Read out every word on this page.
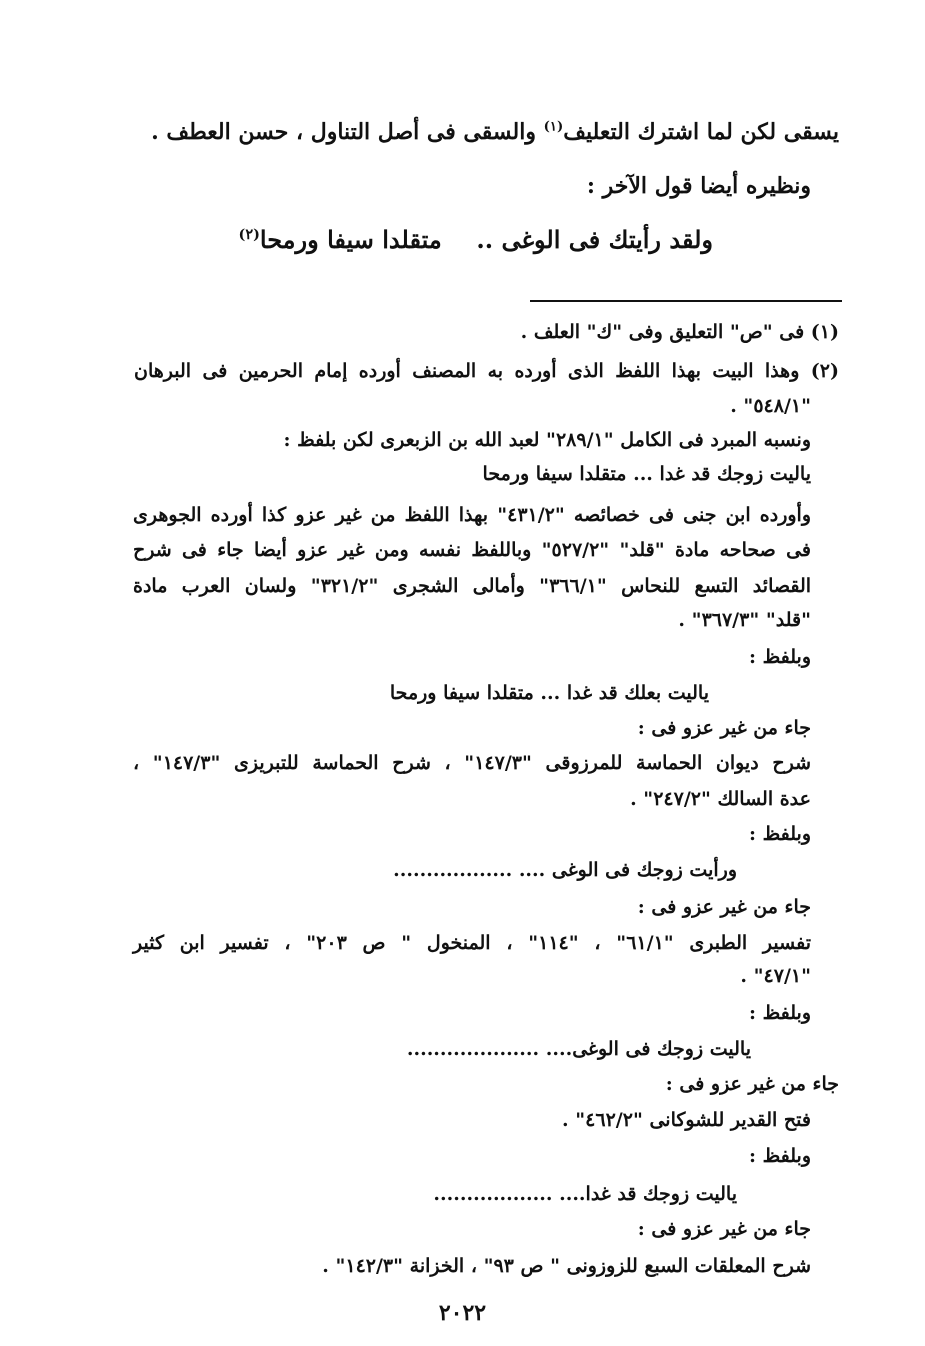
يسقى لكن لما اشترك التعليف$^{(١)}$ والسقى فى أصل التناول ، حسن العطف .
ونظيره أيضا قول الآخر :
ولقد رأيتك فى الوغى ..  متقلدا سيفا ورمحا$^{(٢)}$
(١) فى "ص" التعليق وفى "ك" العلف .
(٢) وهذا البيت بهذا اللفظ الذى أورده به المصنف أورده إمام الحرمين فى البرهان
"٥٤٨/١" .
ونسبه المبرد فى الكامل "٢٨٩/١" لعبد الله بن الزبعرى لكن بلفظ :
ياليت زوجك قد غدا ... متقلدا سيفا ورمحا
وأورده ابن جنى فى خصائصه "٤٣١/٢" بهذا اللفظ من غير عزو كذا أورده الجوهرى
فى صحاحه مادة "قلد" "٥٢٧/٢" وباللفظ نفسه ومن غير عزو أيضا جاء فى شرح
القصائد التسع للنحاس "٣٦٦/١" وأمالى الشجرى "٣٢١/٢" ولسان العرب مادة
"قلد" "٣٦٧/٣" .
وبلفظ :
ياليت بعلك قد غدا ... متقلدا سيفا ورمحا
جاء من غير عزو فى :
شرح ديوان الحماسة للمرزوقى "١٤٧/٣" ، شرح الحماسة للتبريزى "١٤٧/٣" ،
عدة السالك "٢٤٧/٢" .
وبلفظ :
ورأيت زوجك فى الوغى .... ..................
جاء من غير عزو فى :
تفسير الطبرى "٦١/١" ، "١١٤" ، المنخول " ص ٢٠٣" ، تفسير ابن كثير
"٤٧/١" .
وبلفظ :
ياليت زوجك فى الوغى.... ....................
جاء من غير عزو فى :
فتح القدير للشوكانى "٤٦٢/٢" .
وبلفظ :
ياليت زوجك قد غدا.... ..................
جاء من غير عزو فى :
شرح المعلقات السبع للزوزونى " ص ٩٣" ، الخزانة "١٤٢/٣" .
٢٠٢٢
